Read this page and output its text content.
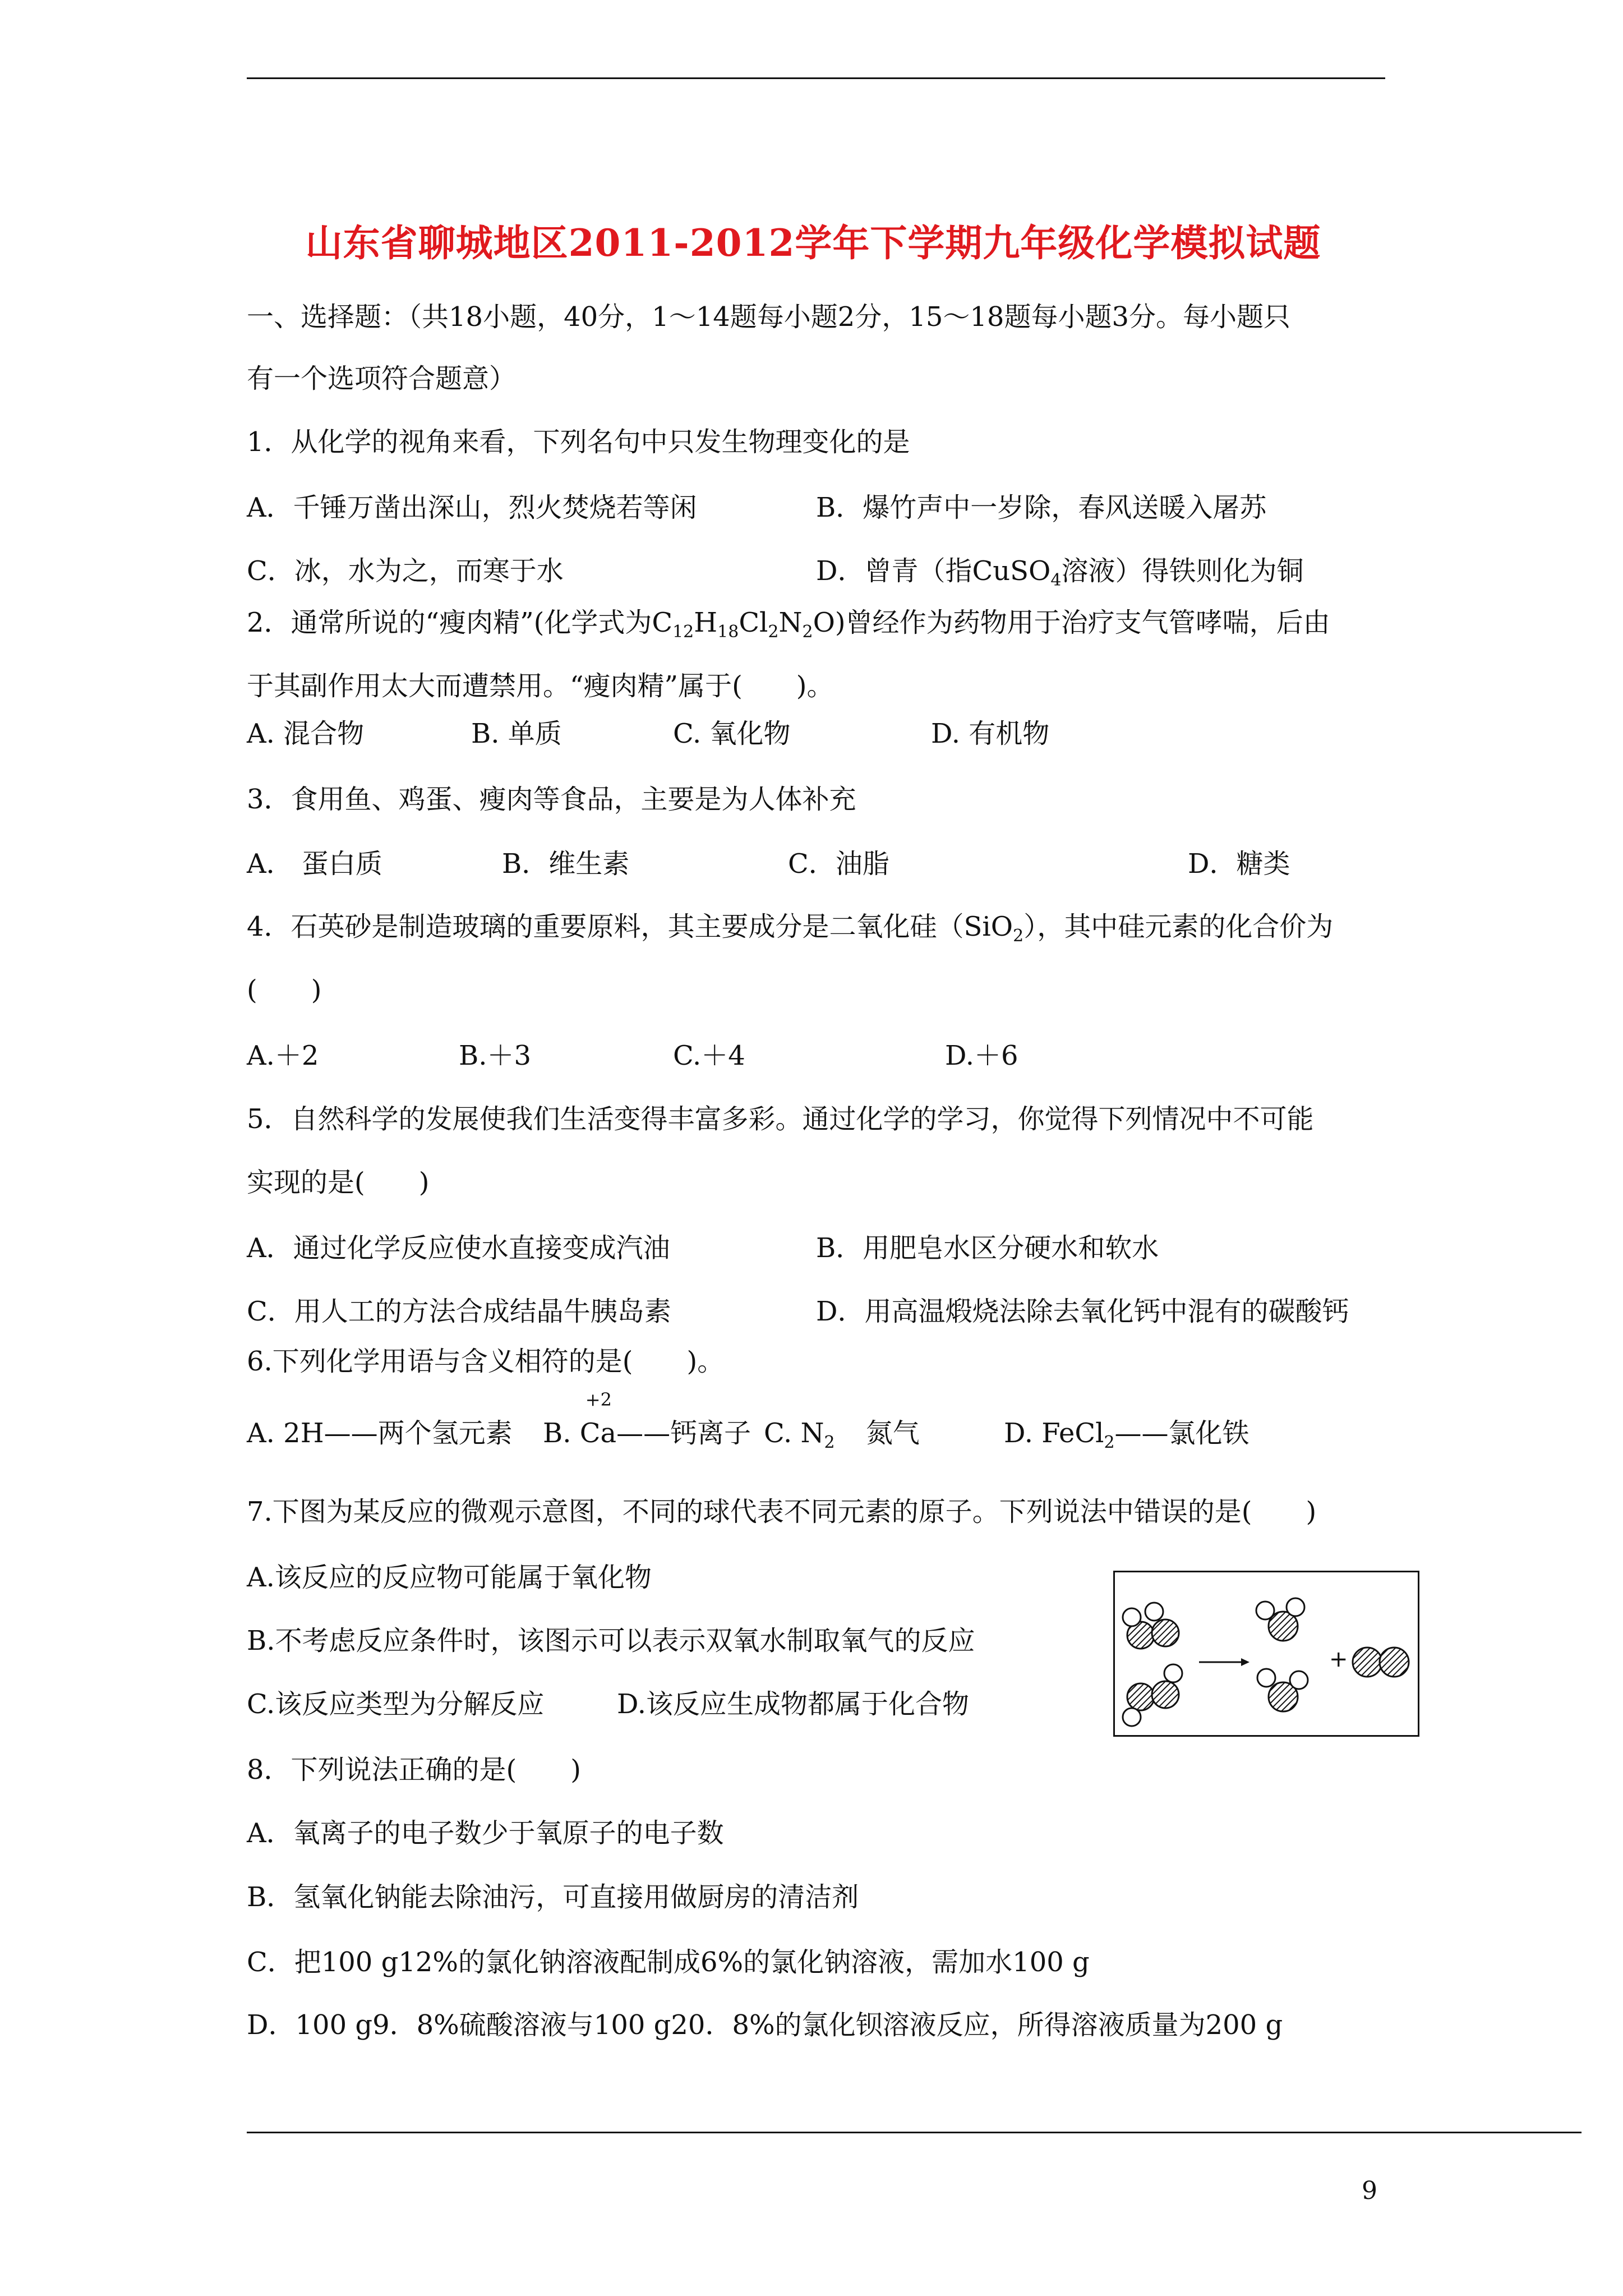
山东省聊城地区2011-2012学年下学期九年级化学模拟试题
一、选择题：（共18小题，40分，1～14题每小题2分，15～18题每小题3分。每小题只
有一个选项符合题意）
1．从化学的视角来看，下列名句中只发生物理变化的是
A．千锤万凿出深山，烈火焚烧若等闲	B．爆竹声中一岁除，春风送暖入屠苏
C．冰，水为之，而寒于水	D．曾青（指CuSO$_4$溶液）得铁则化为铜
2．通常所说的“瘦肉精”(化学式为$C_{12}H_{18}Cl_2N_2O$)曾经作为药物用于治疗支气管哮喘，后由
于其副作用太大而遭禁用。“瘦肉精”属于(　　)。
A. 混合物	B. 单质	C. 氧化物	D. 有机物
3．食用鱼、鸡蛋、瘦肉等食品，主要是为人体补充
A． 蛋白质	B．维生素	C．油脂	D．糖类
4．石英砂是制造玻璃的重要原料，其主要成分是二氧化硅（SiO$_2$），其中硅元素的化合价为
(　　)
A.＋2	B.＋3	C.＋4	D.＋6
5．自然科学的发展使我们生活变得丰富多彩。通过化学的学习，你觉得下列情况中不可能
实现的是(　　)
A．通过化学反应使水直接变成汽油	B．用肥皂水区分硬水和软水
C．用人工的方法合成结晶牛胰岛素	D．用高温煅烧法除去氧化钙中混有的碳酸钙
6.下列化学用语与含义相符的是(　　)。
A. 2H——两个氢元素 B.
+2
Ca——钙离子 C. $N_2$ 氮气	D. FeCl$_2$——氯化铁
7.下图为某反应的微观示意图，不同的球代表不同元素的原子。下列说法中错误的是(　　)
A.该反应的反应物可能属于氧化物
B.不考虑反应条件时，该图示可以表示双氧水制取氧气的反应
C.该反应类型为分解反应	D.该反应生成物都属于化合物
+
8．下列说法正确的是(　　)
A．氧离子的电子数少于氧原子的电子数
B．氢氧化钠能去除油污，可直接用做厨房的清洁剂
C．把100 g12%的氯化钠溶液配制成6%的氯化钠溶液，需加水100 g
D．100 g9．8%硫酸溶液与100 g20．8%的氯化钡溶液反应，所得溶液质量为200 g
9
